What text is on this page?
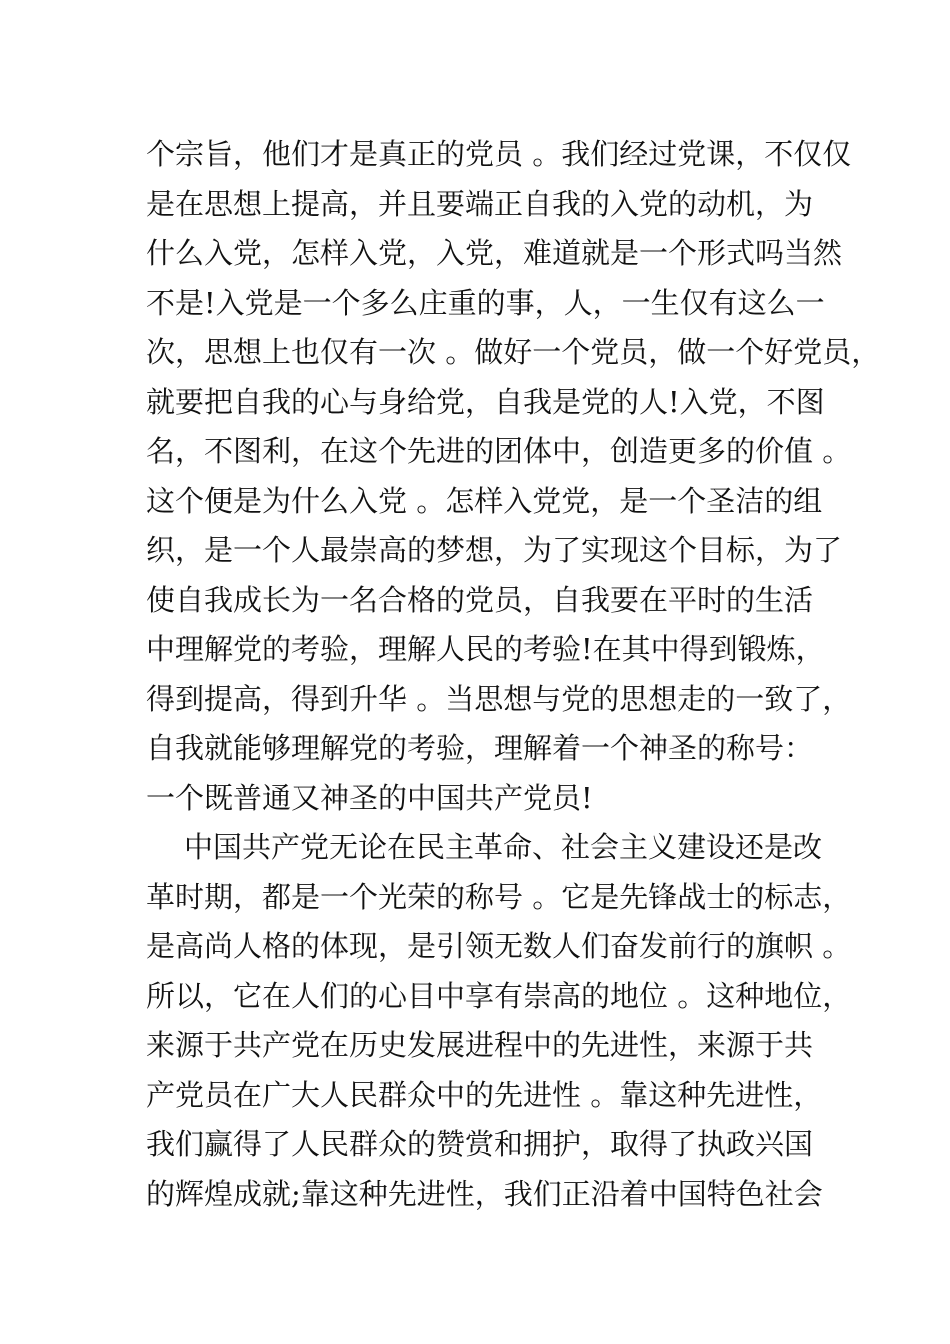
个宗旨，他们才是真正的党员 。我们经过党课，不仅仅
是在思想上提高，并且要端正自我的入党的动机，为
什么入党，怎样入党，入党，难道就是一个形式吗当然
不是!入党是一个多么庄重的事，人，一生仅有这么一
次，思想上也仅有一次 。做好一个党员，做一个好党员，
就要把自我的心与身给党，自我是党的人!入党，不图
名，不图利，在这个先进的团体中，创造更多的价值 。
这个便是为什么入党 。怎样入党党，是一个圣洁的组
织，是一个人最崇高的梦想，为了实现这个目标，为了
使自我成长为一名合格的党员，自我要在平时的生活
中理解党的考验，理解人民的考验!在其中得到锻炼，
得到提高，得到升华 。当思想与党的思想走的一致了，
自我就能够理解党的考验，理解着一个神圣的称号：
一个既普通又神圣的中国共产党员!
中国共产党无论在民主革命、社会主义建设还是改
革时期，都是一个光荣的称号 。它是先锋战士的标志，
是高尚人格的体现，是引领无数人们奋发前行的旗帜 。
所以，它在人们的心目中享有崇高的地位 。这种地位，
来源于共产党在历史发展进程中的先进性，来源于共
产党员在广大人民群众中的先进性 。靠这种先进性，
我们赢得了人民群众的赞赏和拥护，取得了执政兴国
的辉煌成就;靠这种先进性，我们正沿着中国特色社会
